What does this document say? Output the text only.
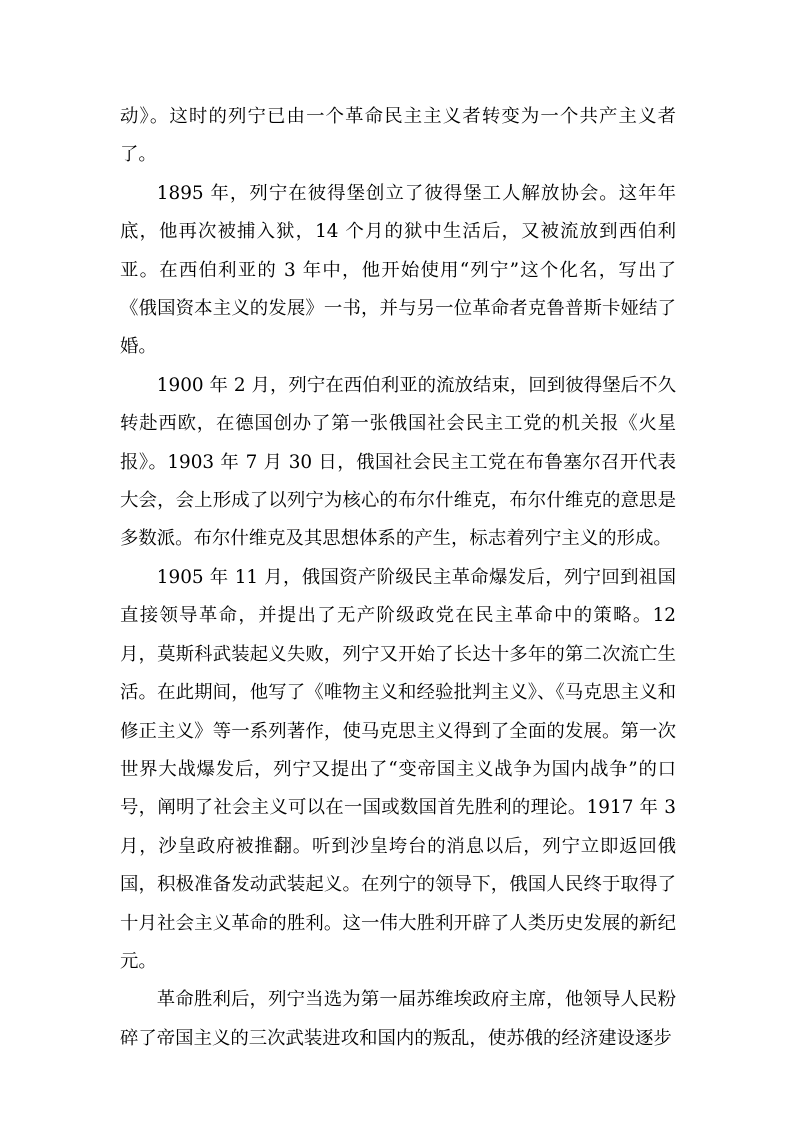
动》。这时的列宁已由一个革命民主主义者转变为一个共产主义者了。

1895 年，列宁在彼得堡创立了彼得堡工人解放协会。这年年底，他再次被捕入狱，14 个月的狱中生活后，又被流放到西伯利亚。在西伯利亚的 3 年中，他开始使用“列宁”这个化名，写出了《俄国资本主义的发展》一书，并与另一位革命者克鲁普斯卡娅结了婚。

1900 年 2 月，列宁在西伯利亚的流放结束，回到彼得堡后不久转赴西欧，在德国创办了第一张俄国社会民主工党的机关报《火星报》。1903 年 7 月 30 日，俄国社会民主工党在布鲁塞尔召开代表大会，会上形成了以列宁为核心的布尔什维克，布尔什维克的意思是多数派。布尔什维克及其思想体系的产生，标志着列宁主义的形成。

1905 年 11 月，俄国资产阶级民主革命爆发后，列宁回到祖国直接领导革命，并提出了无产阶级政党在民主革命中的策略。12 月，莫斯科武装起义失败，列宁又开始了长达十多年的第二次流亡生活。在此期间，他写了《唯物主义和经验批判主义》、《马克思主义和修正主义》等一系列著作，使马克思主义得到了全面的发展。第一次世界大战爆发后，列宁又提出了“变帝国主义战争为国内战争”的口号，阐明了社会主义可以在一国或数国首先胜利的理论。1917 年 3 月，沙皇政府被推翻。听到沙皇垮台的消息以后，列宁立即返回俄国，积极准备发动武装起义。在列宁的领导下，俄国人民终于取得了十月社会主义革命的胜利。这一伟大胜利开辟了人类历史发展的新纪元。

革命胜利后，列宁当选为第一届苏维埃政府主席，他领导人民粉碎了帝国主义的三次武装进攻和国内的叛乱，使苏俄的经济建设逐步
